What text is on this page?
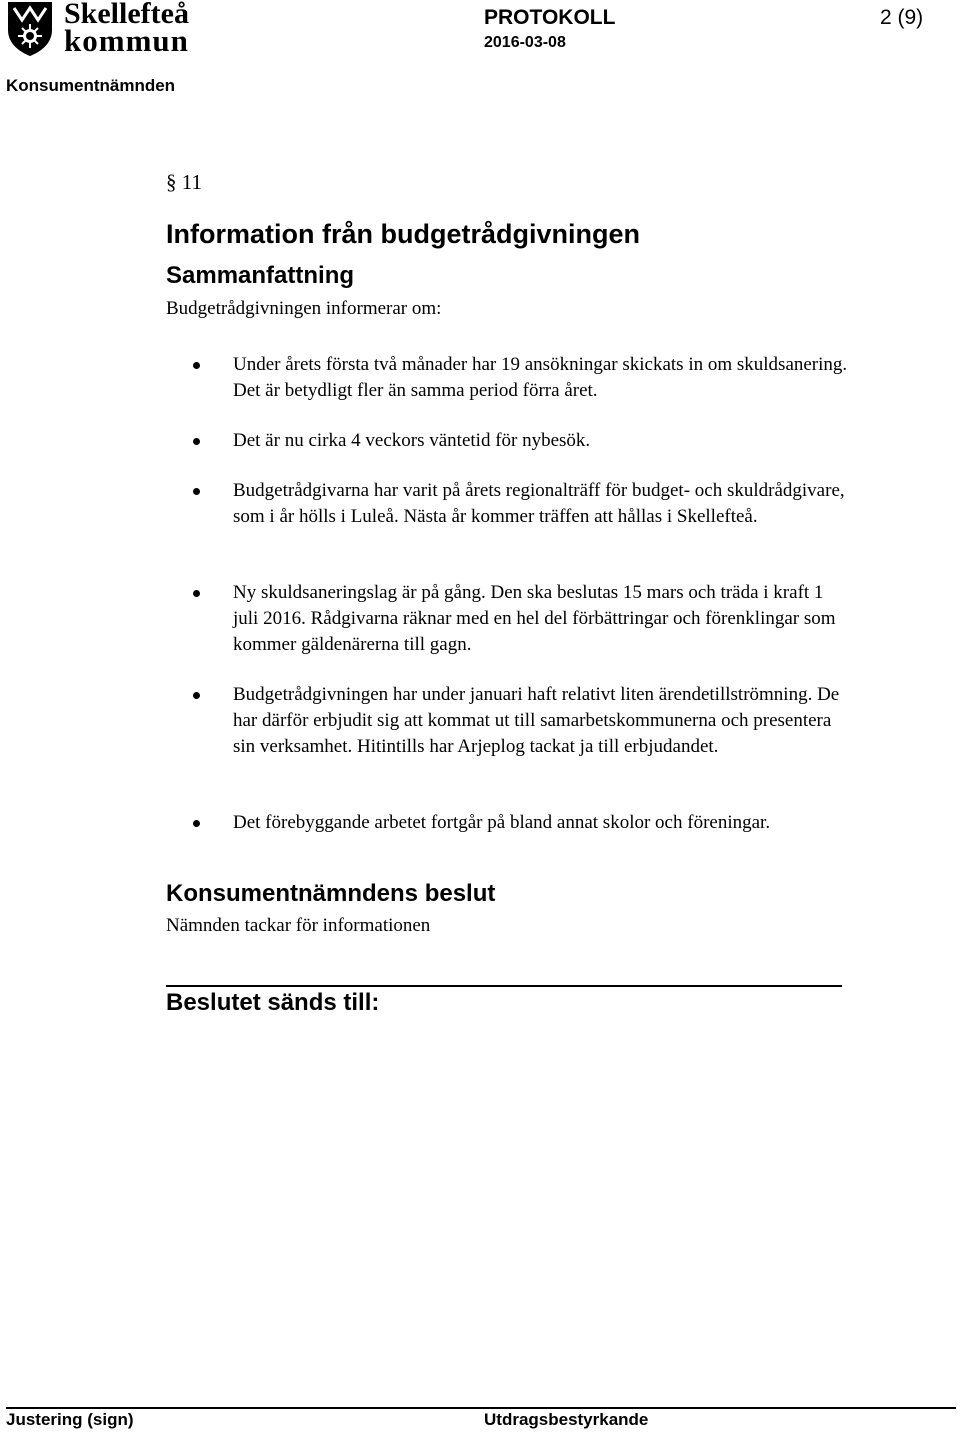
Skellefteå
kommun
PROTOKOLL
2016-03-08
2 (9)
Konsumentnämnden
§ 11
Information från budgetrådgivningen
Sammanfattning
Budgetrådgivningen informerar om:
Under årets första två månader har 19 ansökningar skickats in om skuldsanering. Det är betydligt fler än samma period förra året.
Det är nu cirka 4 veckors väntetid för nybesök.
Budgetrådgivarna har varit på årets regionalträff för budget- och skuldrådgivare, som i år hölls i Luleå. Nästa år kommer träffen att hållas i Skellefteå.
Ny skuldsaneringslag är på gång. Den ska beslutas 15 mars och träda i kraft 1 juli 2016. Rådgivarna räknar med en hel del förbättringar och förenklingar som kommer gäldenärerna till gagn.
Budgetrådgivningen har under januari haft relativt liten ärendetillströmning. De har därför erbjudit sig att kommat ut till samarbetskommunerna och presentera sin verksamhet. Hitintills har Arjeplog tackat ja till erbjudandet.
Det förebyggande arbetet fortgår på bland annat skolor och föreningar.
Konsumentnämndens beslut
Nämnden tackar för informationen
Beslutet sänds till:
Justering (sign)	Utdragsbestyrkande
